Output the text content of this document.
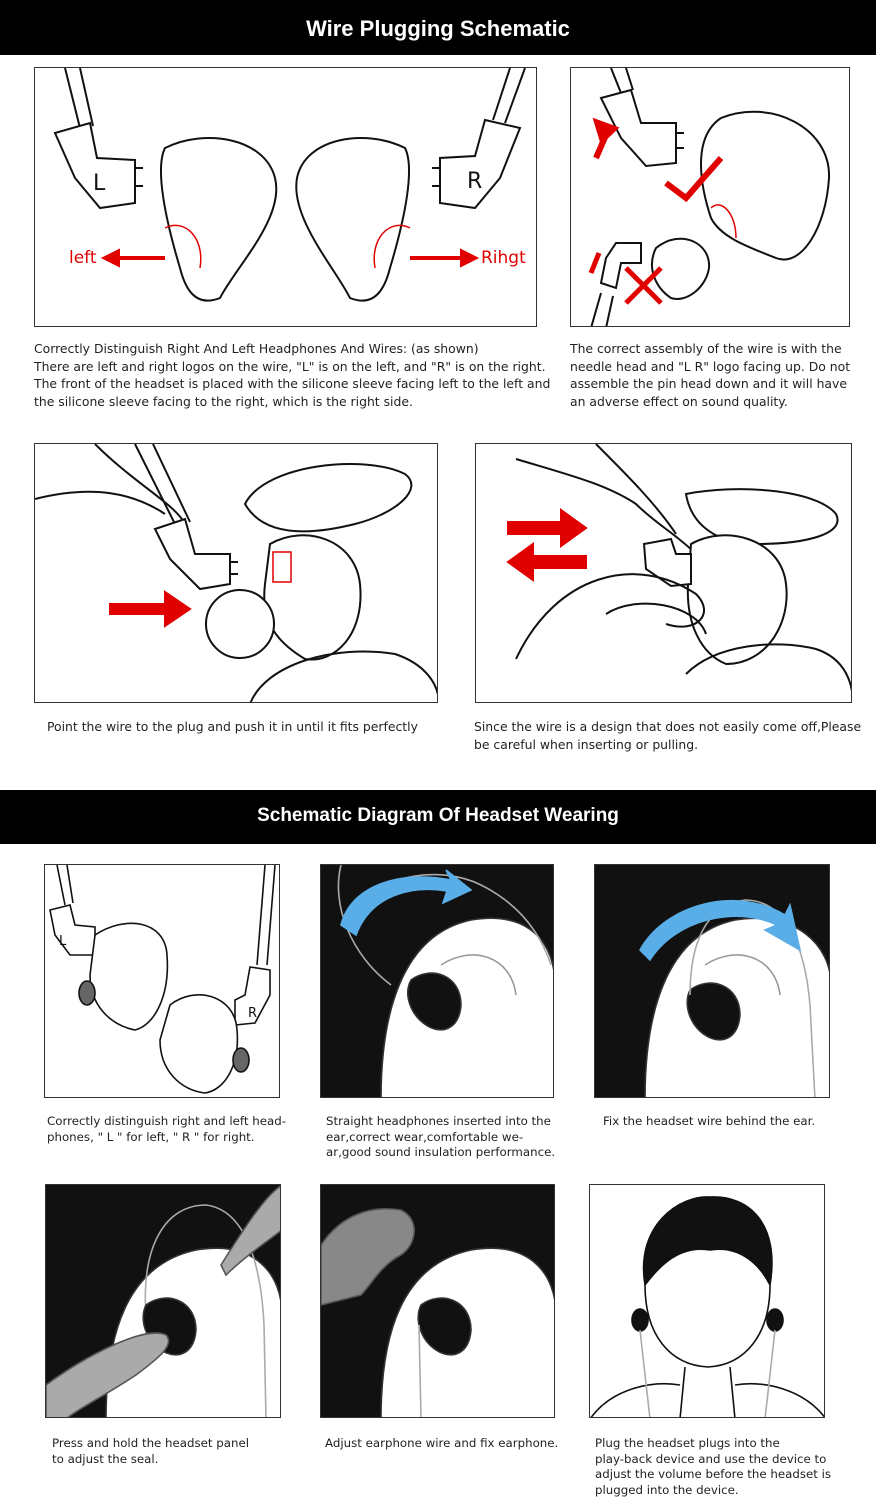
Wire Plugging Schematic
L	R
left	Rihgt

Correctly Distinguish Right And Left Headphones And Wires: (as shown)

There are left and right logos on the wire, "L" is on the left, and "R" is on the right.

The front of the headset is placed with the silicone sleeve facing left to the left and

the silicone sleeve facing to the right, which is the right side.

The correct assembly of the wire is with the

needle head and "L R" logo facing up. Do not

assemble the pin head down and it will have

an adverse effect on sound quality.

Point the wire to the plug and push it in until it fits perfectly	Since the wire is a design that does not easily come off,Please

be careful when inserting or pulling.

Schematic Diagram Of Headset Wearing
L
R

Correctly distinguish right and left head-

phones, " L " for left, " R " for right.

Straight headphones inserted into the

ear,correct wear,comfortable we-

ar,good sound insulation performance.

Fix the headset wire behind the ear.

Press and hold the headset panel

to adjust the seal.

Adjust earphone wire and fix earphone.	Plug the headset plugs into the

play-back device and use the device to

adjust the volume before the headset is

plugged into the device.
